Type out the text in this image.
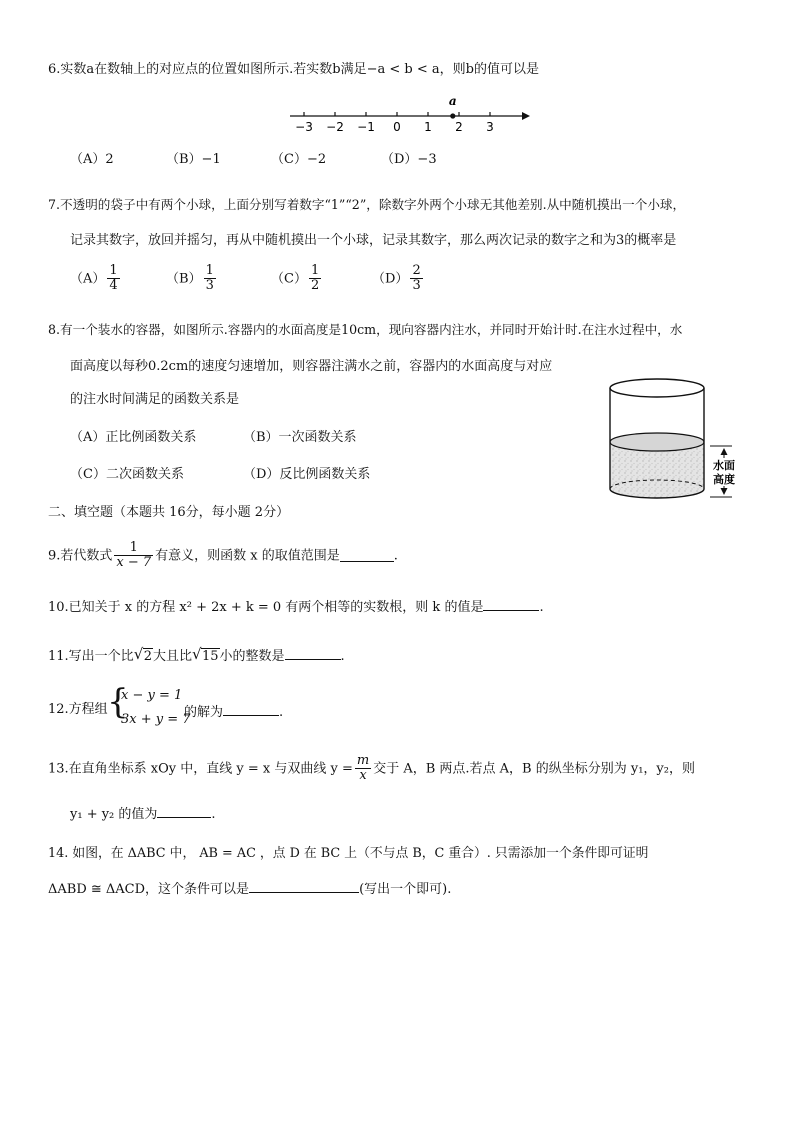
6.实数a在数轴上的对应点的位置如图所示.若实数b满足−a < b < a，则b的值可以是
−3 −2 −1 0 1 2 3
a
（A）2	（B）−1	（C）−2	（D）−3
7.不透明的袋子中有两个小球，上面分别写着数字“1”“2”，除数字外两个小球无其他差别.从中随机摸出一个小球，
记录其数字，放回并摇匀，再从中随机摸出一个小球，记录其数字，那么两次记录的数字之和为3的概率是
$(A) \frac{1}{4}$	$(B) \frac{1}{3}$	$(C) \frac{1}{2}$	$(D) \frac{2}{3}$
8.有一个装水的容器，如图所示.容器内的水面高度是10cm，现向容器内注水，并同时开始计时.在注水过程中，水
面高度以每秒0.2cm的速度匀速增加，则容器注满水之前，容器内的水面高度与对应
的注水时间满足的函数关系是
（A）正比例函数关系	（B）一次函数关系
（C）二次函数关系	（D）反比例函数关系
水面
高度
二、填空题（本题共 16分，每小题 2分）
9.若代数式 $\frac{1}{x - 7}$ 有意义，则函数 x 的取值范围是	.
10.已知关于 x 的方程 x² + 2x + k = 0 有两个相等的实数根，则 k 的值是	.
11.写出一个比 √ 2大且比 √ 15小的整数是	.
12.方程组 {
x − y = 1
3x + y = 7
的解为	.
13.在直角坐标系 xOy 中，直线 y = x 与双曲线 $y = \frac{m}{x}$ 交于 A，B 两点.若点 A，B 的纵坐标分别为 y₁，y₂，则
y₁ + y₂ 的值为	.
14. 如图，在 ΔABC 中， AB = AC ，点 D 在 BC 上（不与点 B，C 重合）. 只需添加一个条件即可证明
ΔABD ≅ ΔACD，这个条件可以是	(写出一个即可).
